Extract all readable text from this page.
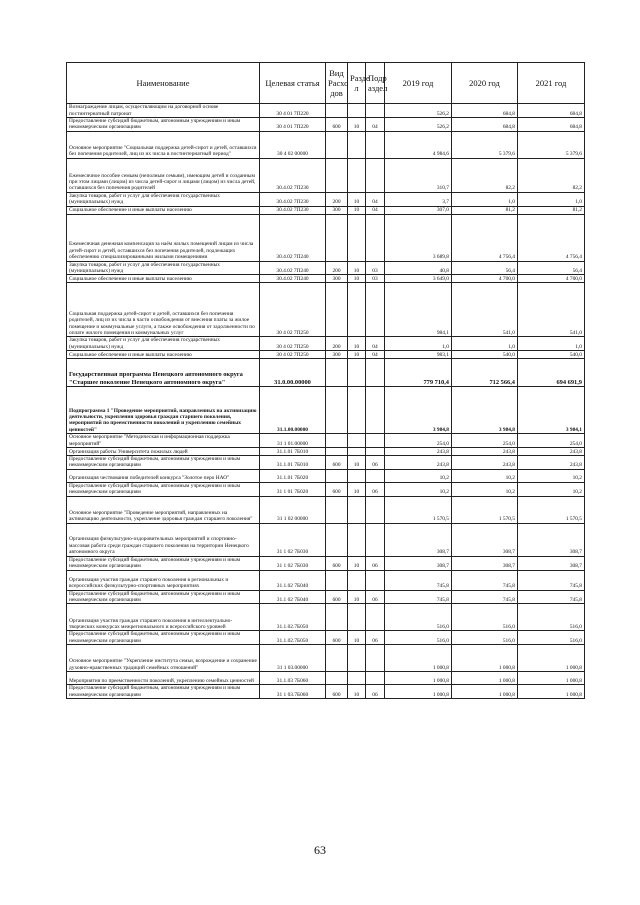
Наименование	Целевая статья	Вид Расхо дов	Разде л	Подр аздел	2019 год	2020 год	2021 год
Вознаграждение лицам, осуществляющим на договорной основе постинтернатный патронат	30 4 01 7П220				526,2	684,8	684,8
Предоставление субсидий бюджетным, автономным учреждениям и иным некоммерческим организациям	30 4 01 7П220	600	10	04	526,2	684,8	684,8
Основное мероприятие "Социальная поддержка детей-сирот и детей, оставшихся без попечения родителей, лиц из их числа в постинтернатный период"	30 4 02 00000				4 984,6	5 379,6	5 379,6
Ежемесячное пособие семьям (неполным семьям), имеющим детей и созданным при этом лицами (лицом) из числа детей-сирот и лицами (лицом) из числа детей, оставшихся без попечения родителей	30.4.02 7П230				310,7	82,2	82,2
Закупка товаров, работ и услуг для обеспечения государственных (муниципальных) нужд	30.4.02 7П230	200	10	04	3,7	1,0	1,0
Социальное обеспечение и иные выплаты населению	30.4.02 7П230	300	10	04	307,0	81,2	81,2
Ежемесячная денежная компенсация за наём жилых помещений лицам из числа детей-сирот и детей, оставшихся без попечения родителей, подлежащих обеспечению специализированными жилыми помещениями	30.4.02 7П240				3 689,8	4 756,4	4 756,4
Закупка товаров, работ и услуг для обеспечения государственных (муниципальных) нужд	30.4.02 7П240	200	10	03	40,8	56,4	56,4
Социальное обеспечение и иные выплаты населению	30.4.02 7П240	300	10	03	3 649,0	4 700,0	4 700,0
Социальная поддержка детей-сирот и детей, оставшихся без попечения родителей, лиц из их числа в части освобождения от внесения платы за жилое помещение и коммунальные услуги, а также освобождения от задолженности по оплате жилого помещения и коммунальных услуг	30 4 02 7П250				984,1	541,0	541,0
Закупка товаров, работ и услуг для обеспечения государственных (муниципальных) нужд	30 4 02 7П250	200	10	04	1,0	1,0	1,0
Социальное обеспечение и иные выплаты населению	30 4 02 7П250	300	10	04	983,1	540,0	540,0
Государственная программа Ненецкого автономного округа "Старшее поколение Ненецкого автономного округа"	31.0.00.00000				779 710,4	712 566,4	694 691,9
Подпрограмма 1 "Проведение мероприятий, направленных на активизацию деятельности, укрепления здоровья граждан старшего поколения, мероприятий по преемственности поколений и укреплению семейных ценностей"	31.1.00.00000				3 984,8	3 984,8	3 984,1
Основное мероприятие "Методическая и информационная поддержка мероприятий"	31 1 01.00000				254,0	254,0	254,0
Организация работы Университета пожилых людей	31.1.01 7Б010				243,8	243,8	243,8
Предоставление субсидий бюджетным, автономным учреждениям и иным некоммерческим организациям	31.1.01 7Б010	600	10	06	243,8	243,8	243,8
Организация чествования победителей конкурса "Золотое перо НАО"	31.1.01 7Б020				10,2	10,2	10,2
Предоставление субсидий бюджетным, автономным учреждениям и иным некоммерческим организациям	31 1 01 7Б020	600	10	06	10,2	10,2	10,2
Основное мероприятие "Проведение мероприятий, направленных на активизацию деятельности, укрепление здоровья граждан старшего поколения"	31 1 02 00000				1 570,5	1 570,5	1 570,5
Организация физкультурно-оздоровительных мероприятий и спортивно-массовая работа среди граждан старшего поколения на территории Ненецкого автономного округа	31 1 02 7Б030				308,7	308,7	308,7
Предоставление субсидий бюджетным, автономным учреждениям и иным некоммерческим организациям	31 1 02 7Б030	600	10	06	308,7	308,7	308,7
Организация участия граждан старшего поколения в региональных и всероссийских физкультурно-спортивных мероприятиях	31.1.02 7Б040				745,8	745,8	745,8
Предоставление субсидий бюджетным, автономным учреждениям и иным некоммерческим организациям	31.1 02 7Б040	600	10	06	745,8	745,8	745,8
Организация участия граждан старшего поколения в интеллектуально-творческих конкурсах межрегионального и всероссийского уровней	31.1.02.7Б050				516,0	516,0	516,0
Предоставление субсидий бюджетным, автономным учреждениям и иным некоммерческим организациям	31.1.02.7Б050	600	10	06	516,0	516,0	516,0
Основное мероприятие "Укрепление института семьи, возрождение и сохранение духовно-нравственных традиций семейных отношений"	31 1 03.00000				1 000,8	1 000,8	1 000,8
Мероприятия по преемственности поколений, укреплению семейных ценностей	31.1.03 7Б060				1 000,8	1 000,8	1 000,8
Предоставление субсидий бюджетным, автономным учреждениям и иным некоммерческим организациям	31 1 03.7Б060	600	10	06	1 000,8	1 000,8	1 000,8
63
